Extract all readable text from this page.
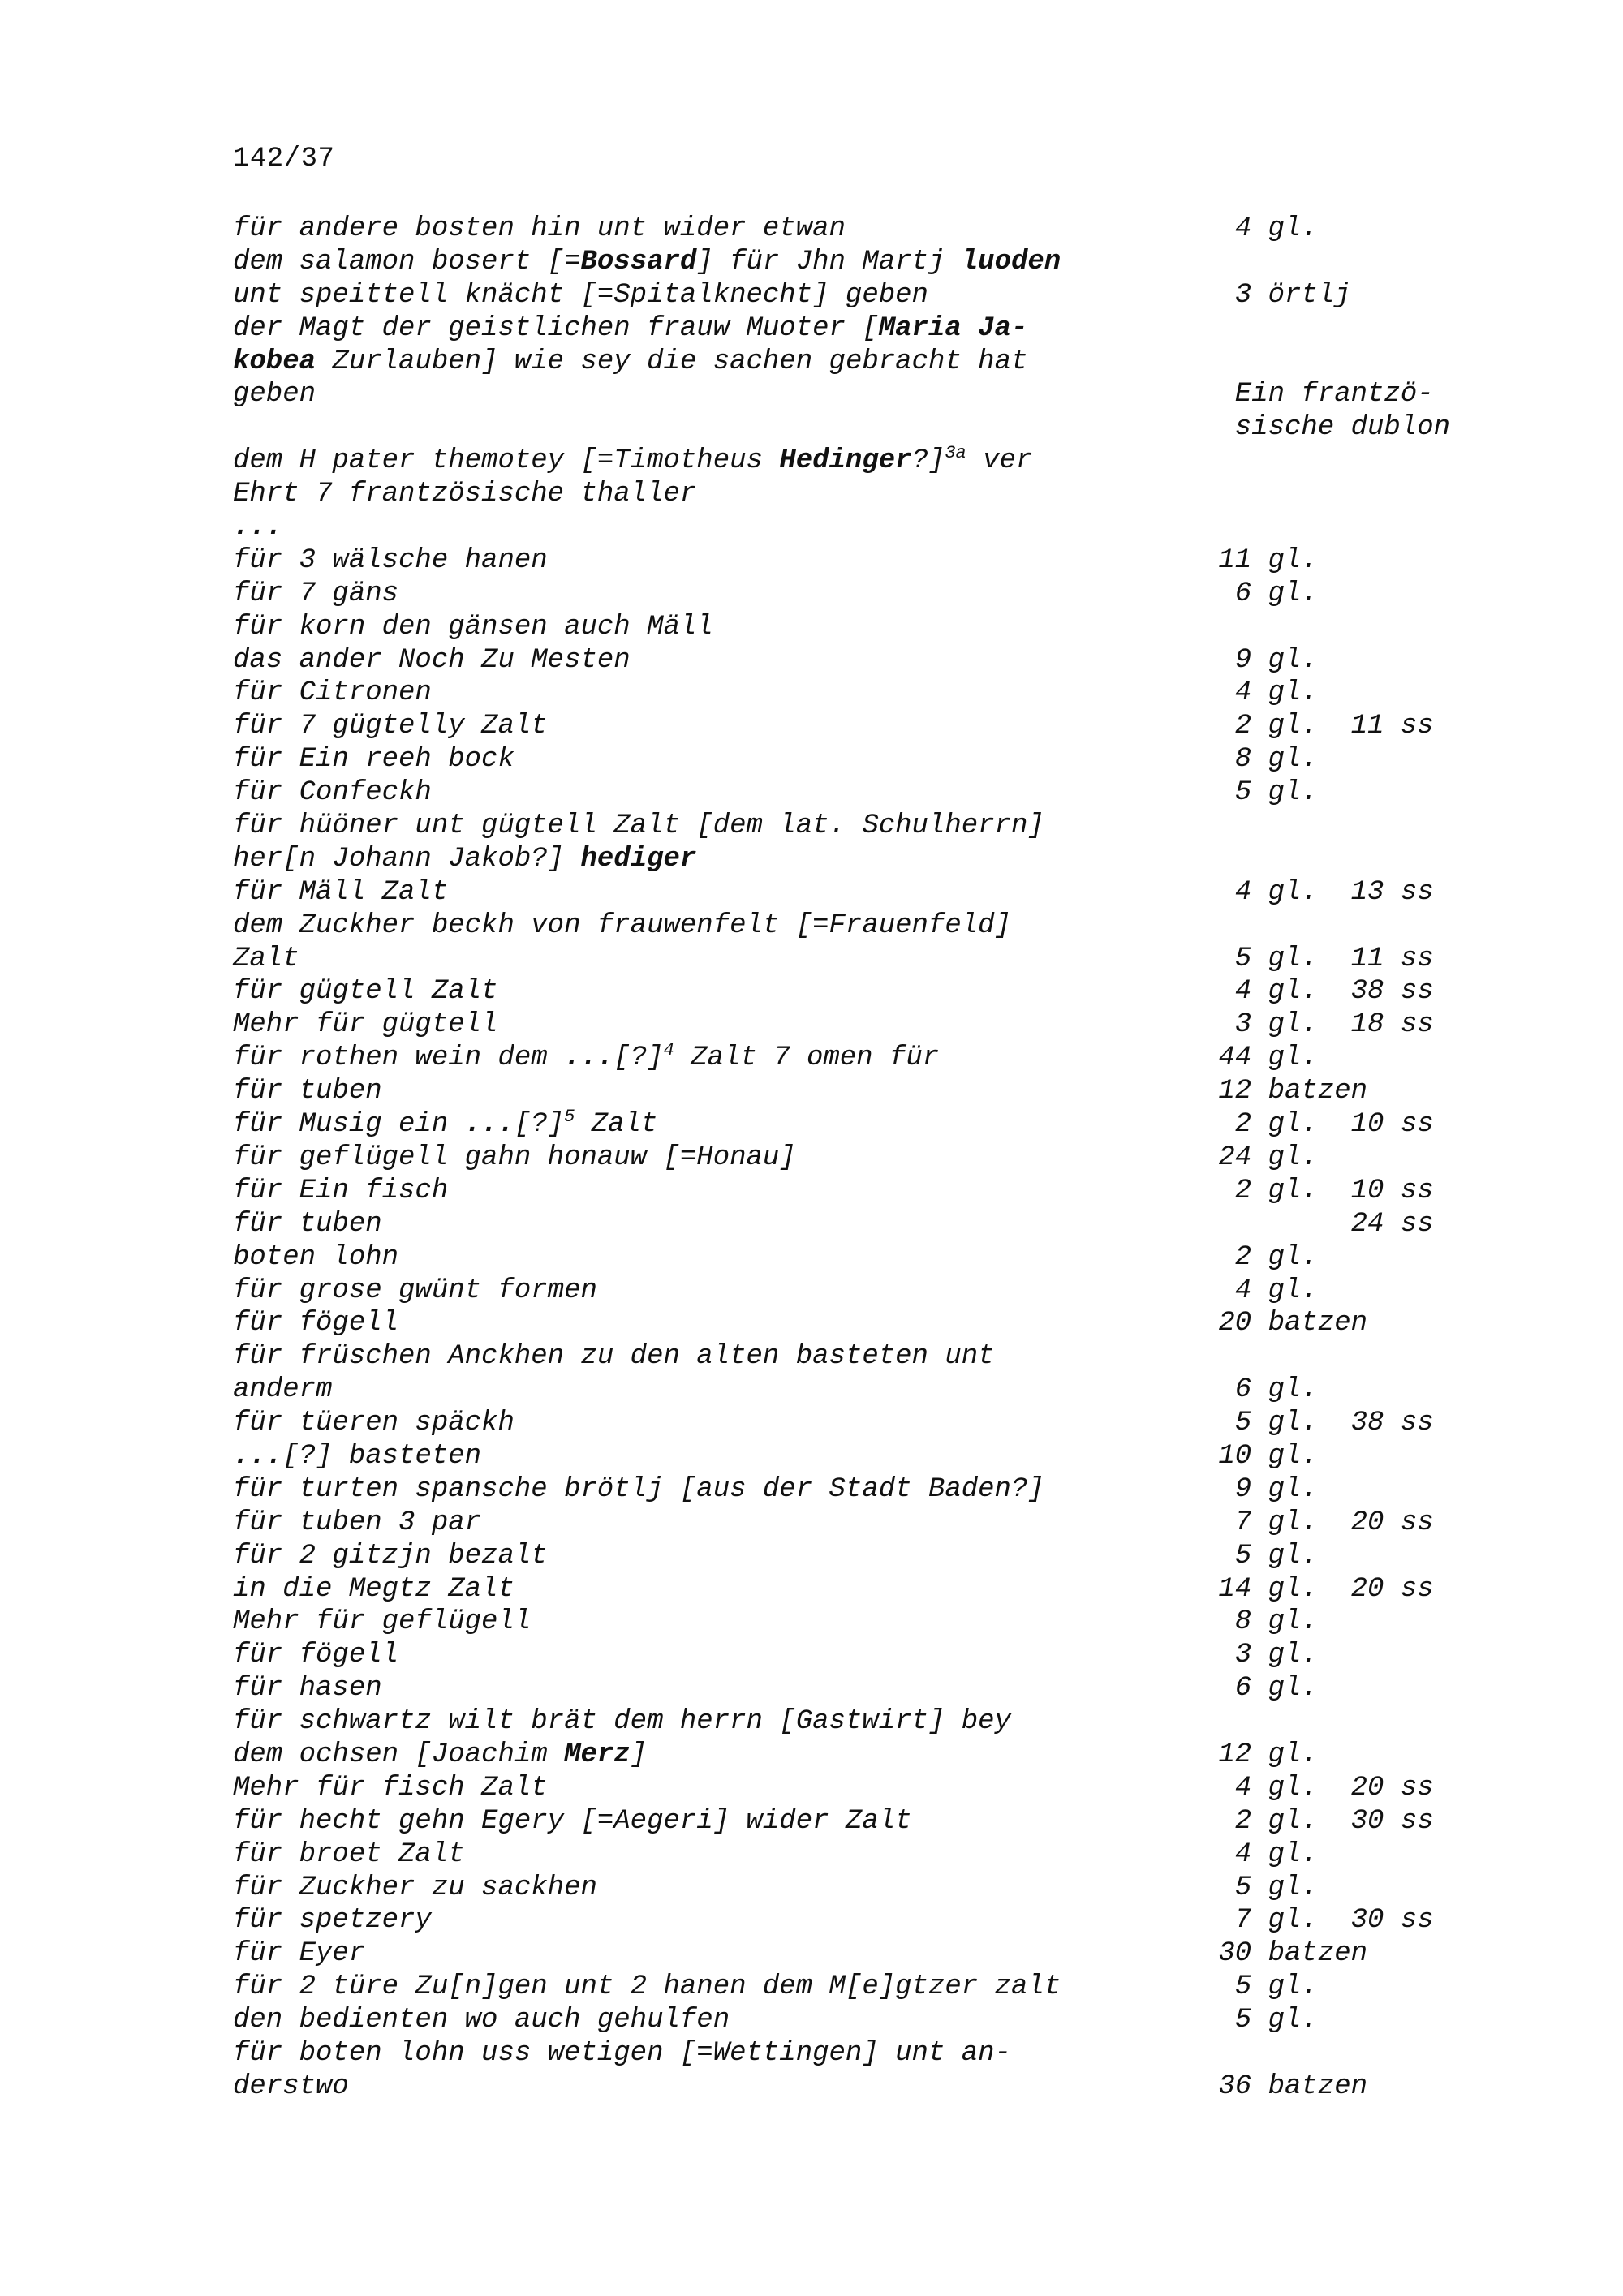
142/37
für andere bosten hin unt wider etwan	4 gl.
dem salamon bosert [=Bossard] für Jhn Martj luoden
unt speittell knächt [=Spitalknecht] geben	3 örtlj
der Magt der geistlichen frauw Muoter [Maria Ja-
kobea Zurlauben] wie sey die sachen gebracht hat
geben	Ein frantzö-
sische dublon
dem H pater themotey [=Timotheus Hedinger?]$^{3a}$ ver
Ehrt 7 frantzösische thaller
...
für 3 wälsche hanen	11 gl.
für 7 gäns	6 gl.
für korn den gänsen auch Mäll
das ander Noch Zu Mesten	9 gl.
für Citronen	4 gl.
für 7 gügtelly Zalt	2 gl.  11 ss
für Ein reeh bock	8 gl.
für Confeckh	5 gl.
für hüöner unt gügtell Zalt [dem lat. Schulherrn]
her[n Johann Jakob?] hediger
für Mäll Zalt	4 gl.  13 ss
dem Zuckher beckh von frauwenfelt [=Frauenfeld]
Zalt	5 gl.  11 ss
für gügtell Zalt	4 gl.  38 ss
Mehr für gügtell	3 gl.  18 ss
für rothen wein dem ...[?]$^4$ Zalt 7 omen für	44 gl.
für tuben	12 batzen
für Musig ein ...[?]$^5$ Zalt	2 gl.  10 ss
für geflügell gahn honauw [=Honau]	24 gl.
für Ein fisch	2 gl.  10 ss
für tuben	24 ss
boten lohn	2 gl.
für grose gwünt formen	4 gl.
für fögell	20 batzen
für früschen Anckhen zu den alten basteten unt
anderm	6 gl.
für tüeren späckh	5 gl.  38 ss
...[?] basteten	10 gl.
für turten spansche brötlj [aus der Stadt Baden?]	9 gl.
für tuben 3 par	7 gl.  20 ss
für 2 gitzjn bezalt	5 gl.
in die Megtz Zalt	14 gl.  20 ss
Mehr für geflügell	8 gl.
für fögell	3 gl.
für hasen	6 gl.
für schwartz wilt brät dem herrn [Gastwirt] bey
dem ochsen [Joachim Merz]	12 gl.
Mehr für fisch Zalt	4 gl.  20 ss
für hecht gehn Egery [=Aegeri] wider Zalt	2 gl.  30 ss
für broet Zalt	4 gl.
für Zuckher zu sackhen	5 gl.
für spetzery	7 gl.  30 ss
für Eyer	30 batzen
für 2 türe Zu[n]gen unt 2 hanen dem M[e]gtzer zalt	5 gl.
den bedienten wo auch gehulfen	5 gl.
für boten lohn uss wetigen [=Wettingen] unt an-
derstwo	36 batzen
